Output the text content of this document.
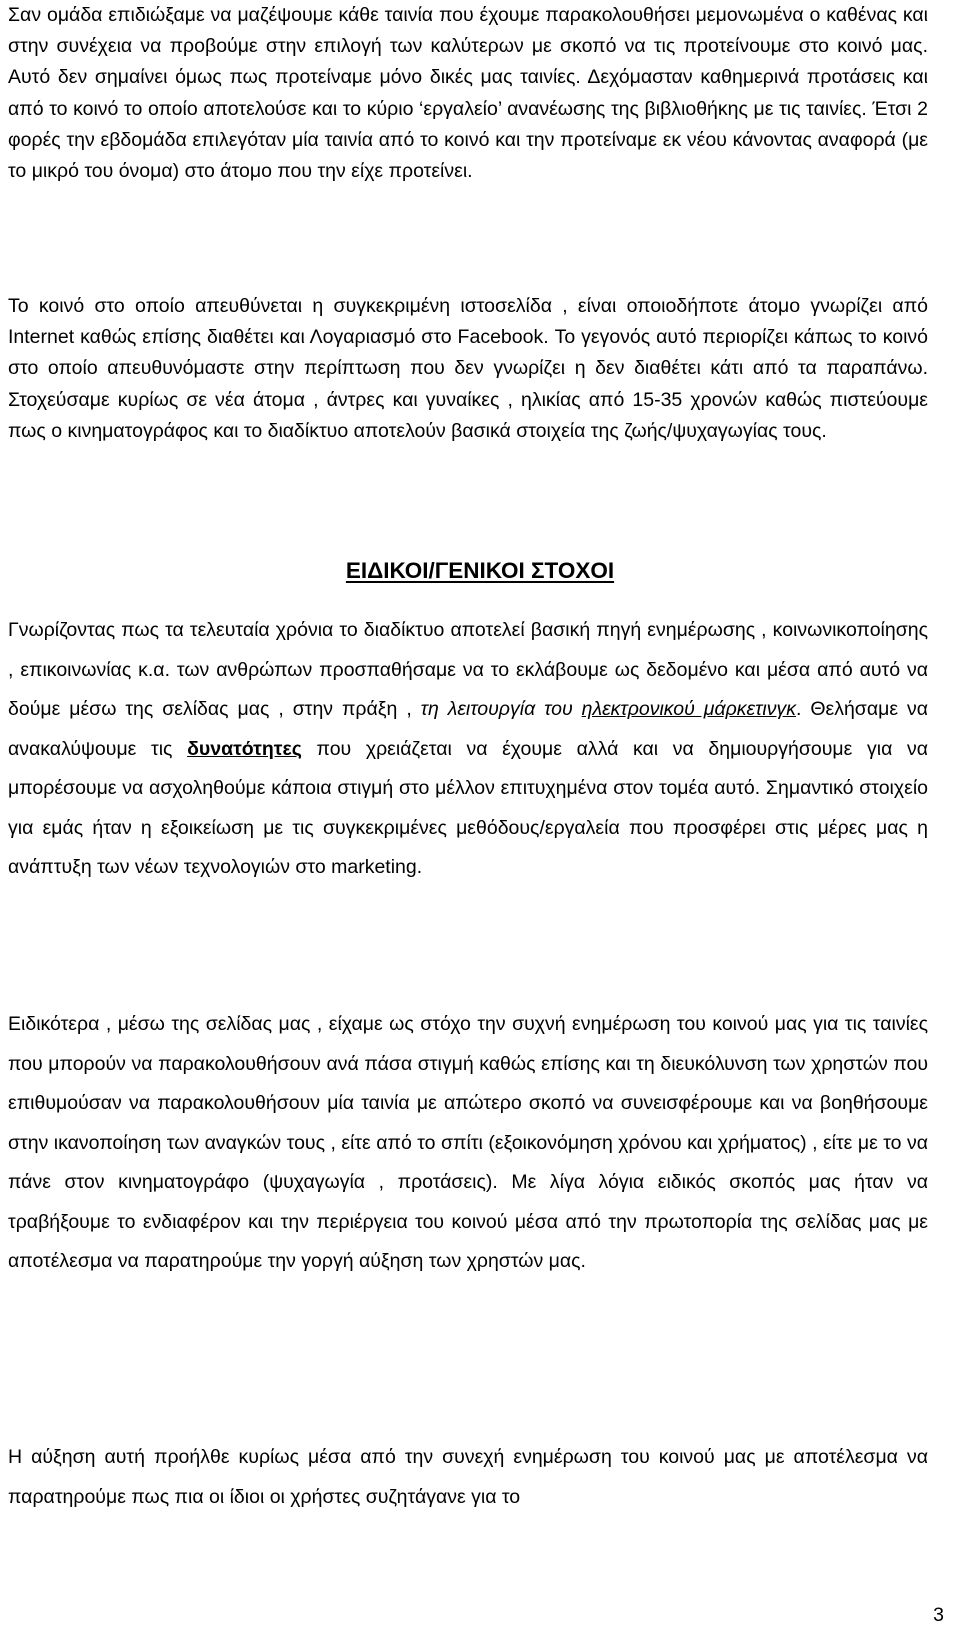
Σαν ομάδα επιδιώξαμε να μαζέψουμε κάθε ταινία που έχουμε παρακολουθήσει μεμονωμένα ο καθένας και στην συνέχεια να προβούμε στην επιλογή των καλύτερων με σκοπό να τις προτείνουμε στο κοινό μας. Αυτό δεν σημαίνει όμως πως προτείναμε μόνο δικές μας ταινίες. Δεχόμασταν καθημερινά προτάσεις και από το κοινό το οποίο αποτελούσε και το κύριο ‘εργαλείο’ ανανέωσης της βιβλιοθήκης με τις ταινίες. Έτσι 2 φορές την εβδομάδα επιλεγόταν μία ταινία από το κοινό και την προτείναμε εκ νέου κάνοντας αναφορά (με το μικρό του όνομα) στο άτομο που την είχε προτείνει.

Το κοινό στο οποίο απευθύνεται η συγκεκριμένη ιστοσελίδα , είναι οποιοδήποτε άτομο γνωρίζει από Internet καθώς επίσης διαθέτει και Λογαριασμό στο Facebook. Το γεγονός αυτό περιορίζει κάπως το κοινό στο οποίο απευθυνόμαστε στην περίπτωση που δεν γνωρίζει η δεν διαθέτει κάτι από τα παραπάνω. Στοχεύσαμε κυρίως σε νέα άτομα , άντρες και γυναίκες , ηλικίας από 15-35 χρονών καθώς πιστεύουμε πως ο κινηματογράφος και το διαδίκτυο αποτελούν βασικά στοιχεία της ζωής/ψυχαγωγίας τους.

ΕΙΔΙΚΟΙ/ΓΕΝΙΚΟΙ ΣΤΟΧΟΙ

Γνωρίζοντας πως τα τελευταία χρόνια το διαδίκτυο αποτελεί βασική πηγή ενημέρωσης , κοινωνικοποίησης , επικοινωνίας κ.α. των ανθρώπων προσπαθήσαμε να το εκλάβουμε ως δεδομένο και μέσα από αυτό να δούμε μέσω της σελίδας μας , στην πράξη , τη λειτουργία του ηλεκτρονικού μάρκετινγκ. Θελήσαμε να ανακαλύψουμε τις δυνατότητες που χρειάζεται να έχουμε αλλά και να δημιουργήσουμε για να μπορέσουμε να ασχοληθούμε κάποια στιγμή στο μέλλον επιτυχημένα στον τομέα αυτό. Σημαντικό στοιχείο για εμάς ήταν η εξοικείωση με τις συγκεκριμένες μεθόδους/εργαλεία που προσφέρει στις μέρες μας η ανάπτυξη των νέων τεχνολογιών στο marketing.

Ειδικότερα , μέσω της σελίδας μας , είχαμε ως στόχο την συχνή ενημέρωση του κοινού μας για τις ταινίες που μπορούν να παρακολουθήσουν ανά πάσα στιγμή καθώς επίσης και τη διευκόλυνση των χρηστών που επιθυμούσαν να παρακολουθήσουν μία ταινία με απώτερο σκοπό να συνεισφέρουμε και να βοηθήσουμε στην ικανοποίηση των αναγκών τους , είτε από το σπίτι (εξοικονόμηση χρόνου και χρήματος) , είτε με το να πάνε στον κινηματογράφο (ψυχαγωγία , προτάσεις). Με λίγα λόγια ειδικός σκοπός μας ήταν να τραβήξουμε το ενδιαφέρον και την περιέργεια του κοινού μέσα από την πρωτοπορία της σελίδας μας με αποτέλεσμα να παρατηρούμε την γοργή αύξηση των χρηστών μας.

Η αύξηση αυτή προήλθε κυρίως μέσα από την συνεχή ενημέρωση του κοινού μας με αποτέλεσμα να παρατηρούμε πως πια οι ίδιοι οι χρήστες συζητάγανε για το

3
